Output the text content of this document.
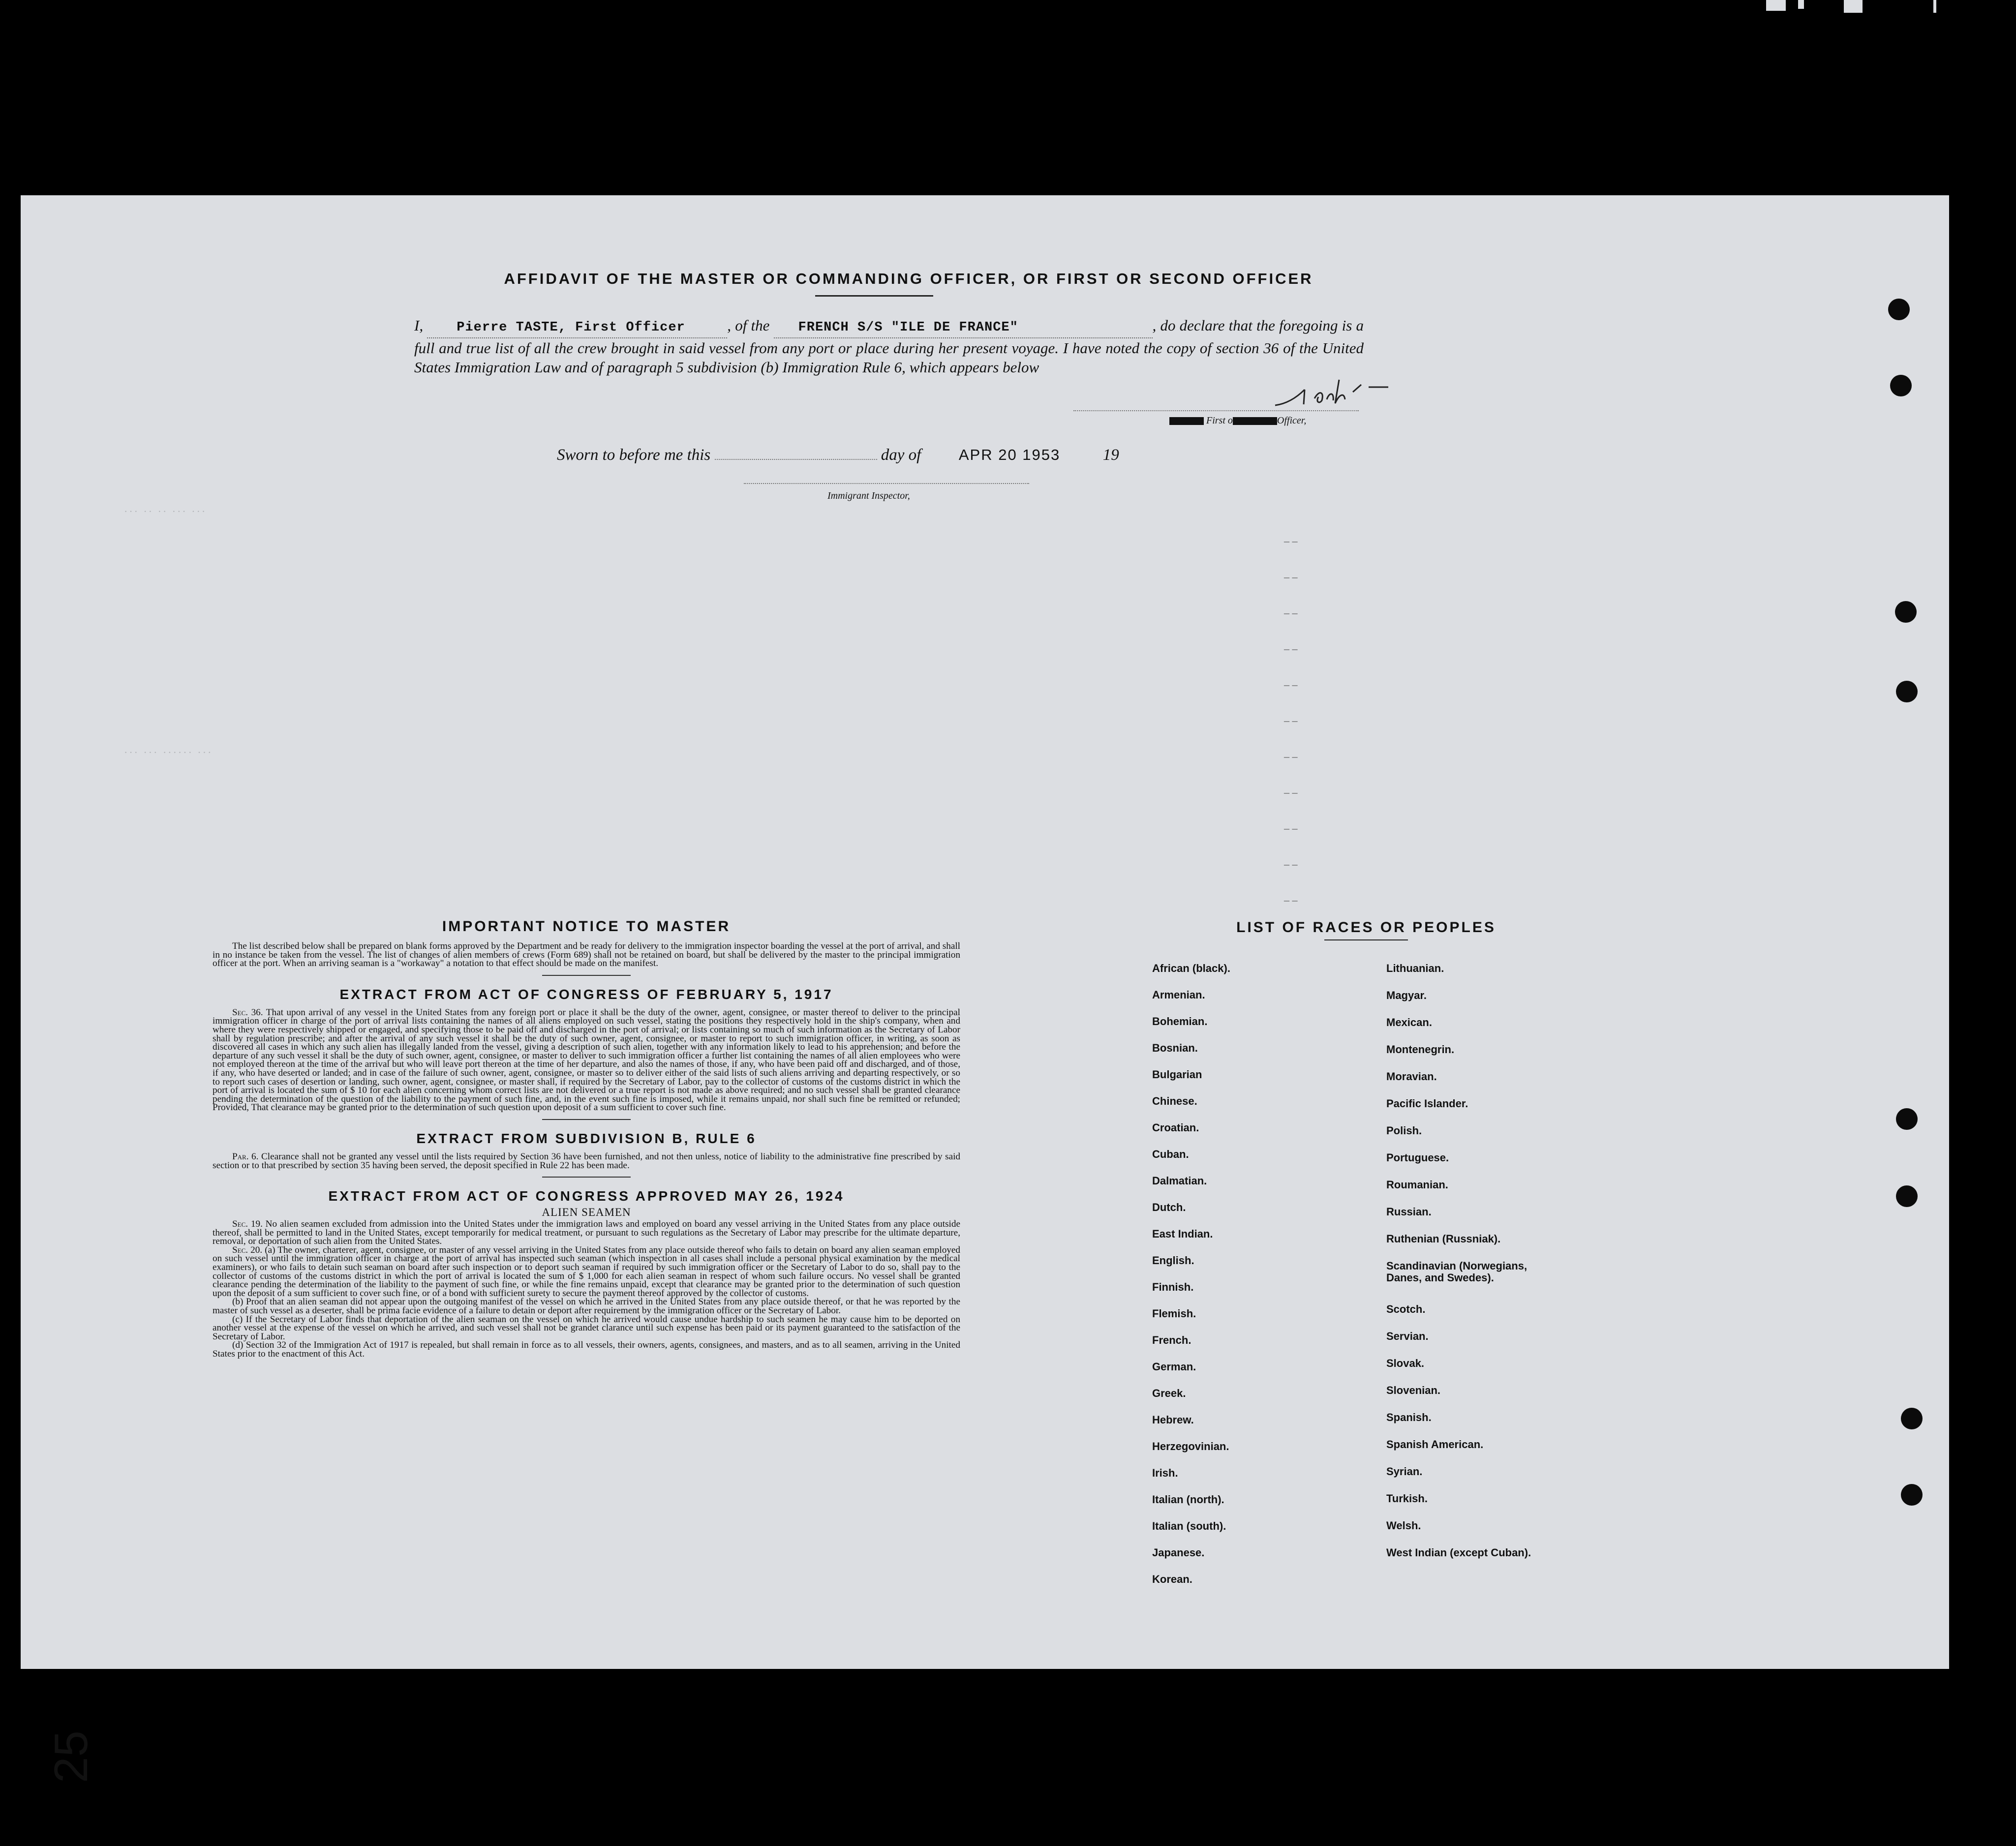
AFFIDAVIT OF THE MASTER OR COMMANDING OFFICER, OR FIRST OR SECOND OFFICER
I,	Pierre TASTE, First Officer	, of the FRENCH S/S "ILE DE FRANCE"	, do declare that the foregoing is a full and true list of all the crew brought in said vessel from any port or place during her present voyage. I have noted the copy of section 36 of the United States Immigration Law and of paragraph 5 subdivision (b) Immigration Rule 6, which appears below
First o	Officer,
Sworn to before me this	day of APR 20 1953	19
Immigrant Inspector,
··· ·· ·· ··· ···
··· ··· ······ ···
– –
– –
– –
– –
– –
– –
– –
– –
– –
– –
– –
IMPORTANT NOTICE TO MASTER

The list described below shall be prepared on blank forms approved by the Department and be ready for delivery to the immigration inspector boarding the vessel at the port of arrival, and shall in no instance be taken from the vessel. The list of changes of alien members of crews (Form 689) shall not be retained on board, but shall be delivered by the master to the principal immigration officer at the port. When an arriving seaman is a "workaway" a notation to that effect should be made on the manifest.

EXTRACT FROM ACT OF CONGRESS OF FEBRUARY 5, 1917

Sec. 36. That upon arrival of any vessel in the United States from any foreign port or place it shall be the duty of the owner, agent, consignee, or master thereof to deliver to the principal immigration officer in charge of the port of arrival lists containing the names of all aliens employed on such vessel, stating the positions they respectively hold in the ship's company, when and where they were respectively shipped or engaged, and specifying those to be paid off and discharged in the port of arrival; or lists containing so much of such information as the Secretary of Labor shall by regulation prescribe; and after the arrival of any such vessel it shall be the duty of such owner, agent, consignee, or master to report to such immigration officer, in writing, as soon as discovered all cases in which any such alien has illegally landed from the vessel, giving a description of such alien, together with any information likely to lead to his apprehension; and before the departure of any such vessel it shall be the duty of such owner, agent, consignee, or master to deliver to such immigration officer a further list containing the names of all alien employees who were not employed thereon at the time of the arrival but who will leave port thereon at the time of her departure, and also the names of those, if any, who have been paid off and discharged, and of those, if any, who have deserted or landed; and in case of the failure of such owner, agent, consignee, or master so to deliver either of the said lists of such aliens arriving and departing respectively, or so to report such cases of desertion or landing, such owner, agent, consignee, or master shall, if required by the Secretary of Labor, pay to the collector of customs of the customs district in which the port of arrival is located the sum of $ 10 for each alien concerning whom correct lists are not delivered or a true report is not made as above required; and no such vessel shall be granted clearance pending the determination of the question of the liability to the payment of such fine, and, in the event such fine is imposed, while it remains unpaid, nor shall such fine be remitted or refunded; Provided, That clearance may be granted prior to the determination of such question upon deposit of a sum sufficient to cover such fine.

EXTRACT FROM SUBDIVISION B, RULE 6

Par. 6. Clearance shall not be granted any vessel until the lists required by Section 36 have been furnished, and not then unless, notice of liability to the administrative fine prescribed by said section or to that prescribed by section 35 having been served, the deposit specified in Rule 22 has been made.

EXTRACT FROM ACT OF CONGRESS APPROVED MAY 26, 1924
ALIEN SEAMEN

Sec. 19. No alien seamen excluded from admission into the United States under the immigration laws and employed on board any vessel arriving in the United States from any place outside thereof, shall be permitted to land in the United States, except temporarily for medical treatment, or pursuant to such regulations as the Secretary of Labor may prescribe for the ultimate departure, removal, or deportation of such alien from the United States.

Sec. 20. (a) The owner, charterer, agent, consignee, or master of any vessel arriving in the United States from any place outside thereof who fails to detain on board any alien seaman employed on such vessel until the immigration officer in charge at the port of arrival has inspected such seaman (which inspection in all cases shall include a personal physical examination by the medical examiners), or who fails to detain such seaman on board after such inspection or to deport such seaman if required by such immigration officer or the Secretary of Labor to do so, shall pay to the collector of customs of the customs district in which the port of arrival is located the sum of $ 1,000 for each alien seaman in respect of whom such failure occurs. No vessel shall be granted clearance pending the determination of the liability to the payment of such fine, or while the fine remains unpaid, except that clearance may be granted prior to the determination of such question upon the deposit of a sum sufficient to cover such fine, or of a bond with sufficient surety to secure the payment thereof approved by the collector of customs.

(b) Proof that an alien seaman did not appear upon the outgoing manifest of the vessel on which he arrived in the United States from any place outside thereof, or that he was reported by the master of such vessel as a deserter, shall be prima facie evidence of a failure to detain or deport after requirement by the immigration officer or the Secretary of Labor.

(c) If the Secretary of Labor finds that deportation of the alien seaman on the vessel on which he arrived would cause undue hardship to such seamen he may cause him to be deported on another vessel at the expense of the vessel on which he arrived, and such vessel shall not be grandet clarance until such expense has been paid or its payment guaranteed to the satisfaction of the Secretary of Labor.

(d) Section 32 of the Immigration Act of 1917 is repealed, but shall remain in force as to all vessels, their owners, agents, consignees, and masters, and as to all seamen, arriving in the United States prior to the enactment of this Act.

LIST OF RACES OR PEOPLES
25
African (black).
Armenian.
Bohemian.
Bosnian.
Bulgarian
Chinese.
Croatian.
Cuban.
Dalmatian.
Dutch.
East Indian.
English.
Finnish.
Flemish.
French.
German.
Greek.
Hebrew.
Herzegovinian.
Irish.
Italian (north).
Italian (south).
Japanese.
Korean.
Lithuanian.
Magyar.
Mexican.
Montenegrin.
Moravian.
Pacific Islander.
Polish.
Portuguese.
Roumanian.
Russian.
Ruthenian (Russniak).
Scandinavian (Norwegians, Danes, and Swedes).
Scotch.
Servian.
Slovak.
Slovenian.
Spanish.
Spanish American.
Syrian.
Turkish.
Welsh.
West Indian (except Cuban).
